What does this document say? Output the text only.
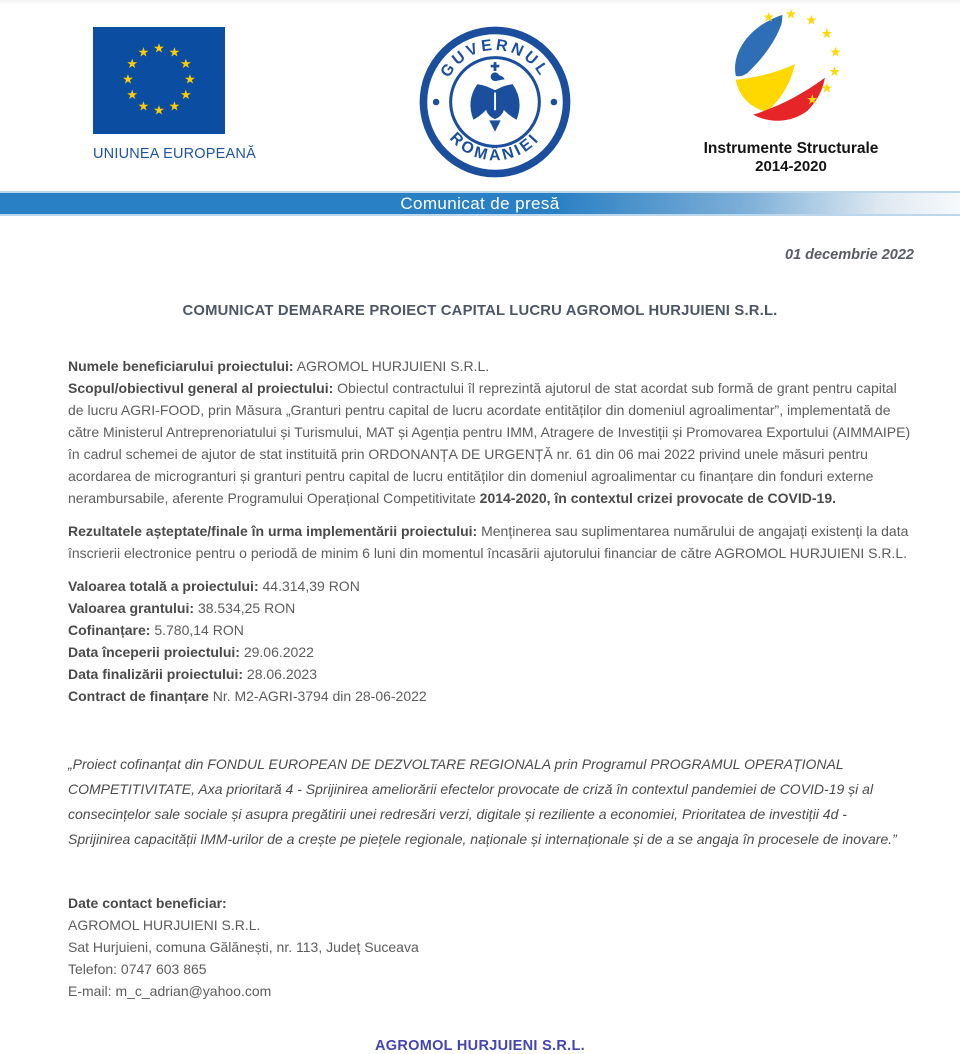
★ ★
★
★
★
★
★
★
★
★
★
★
UNIUNEA EUROPEANĂ
GUVERNUL
ROMÂNIEI
★ ★ ★
★
★
★
★
★
Instrumente Structurale
2014-2020
Comunicat de presă
01 decembrie 2022
COMUNICAT DEMARARE PROIECT CAPITAL LUCRU AGROMOL HURJUIENI S.R.L.
Numele beneficiarului proiectului: AGROMOL HURJUIENI S.R.L.
Scopul/obiectivul general al proiectului: Obiectul contractului îl reprezintă ajutorul de stat acordat sub formă de grant pentru capital de lucru AGRI-FOOD, prin Măsura „Granturi pentru capital de lucru acordate entităților din domeniul agroalimentar”, implementată de către Ministerul Antreprenoriatului și Turismului, MAT și Agenția pentru IMM, Atragere de Investiții și Promovarea Exportului (AIMMAIPE) în cadrul schemei de ajutor de stat instituită prin ORDONANȚA DE URGENȚĂ nr. 61 din 06 mai 2022 privind unele măsuri pentru acordarea de microgranturi și granturi pentru capital de lucru entităților din domeniul agroalimentar cu finanțare din fonduri externe nerambursabile, aferente Programului Operațional Competitivitate 2014-2020, în contextul crizei provocate de COVID-19.
Rezultatele așteptate/finale în urma implementării proiectului: Menținerea sau suplimentarea numărului de angajați existenți la data înscrierii electronice pentru o periodă de minim 6 luni din momentul încasării ajutorului financiar de către AGROMOL HURJUIENI S.R.L.
Valoarea totală a proiectului: 44.314,39 RON
Valoarea grantului: 38.534,25 RON
Cofinanțare: 5.780,14 RON
Data începerii proiectului: 29.06.2022
Data finalizării proiectului: 28.06.2023
Contract de finanțare Nr. M2-AGRI-3794 din 28-06-2022
„Proiect cofinanțat din FONDUL EUROPEAN DE DEZVOLTARE REGIONALA prin Programul PROGRAMUL OPERAȚIONAL COMPETITIVITATE, Axa prioritară 4 - Sprijinirea ameliorării efectelor provocate de criză în contextul pandemiei de COVID-19 și al consecințelor sale sociale și asupra pregătirii unei redresări verzi, digitale și reziliente a economiei, Prioritatea de investiții 4d - Sprijinirea capacității IMM-urilor de a crește pe piețele regionale, naționale și internaționale și de a se angaja în procesele de inovare.”
Date contact beneficiar:
AGROMOL HURJUIENI S.R.L.
Sat Hurjuieni, comuna Gălănești, nr. 113, Județ Suceava
Telefon: 0747 603 865
E-mail: m_c_adrian@yahoo.com
AGROMOL HURJUIENI S.R.L.
